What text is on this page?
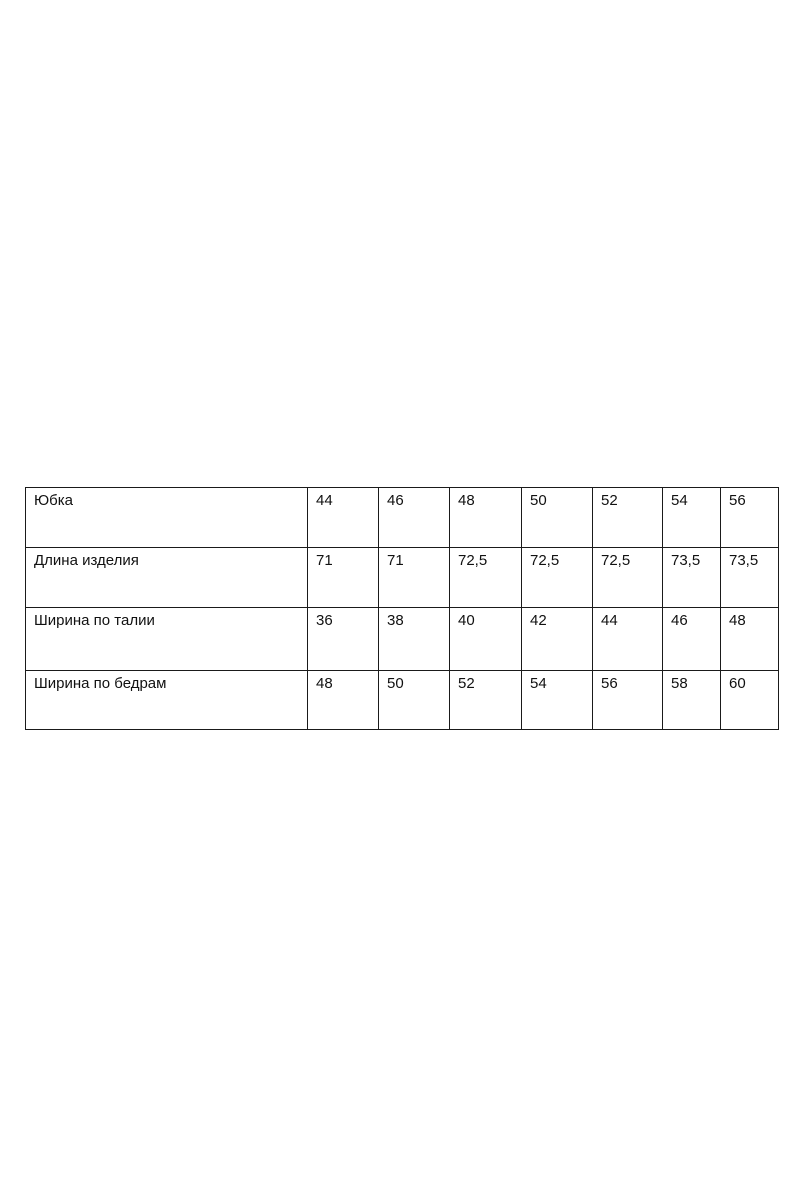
Юбка	44	46	48	50	52	54	56
Длина изделия	71	71	72,5	72,5	72,5	73,5	73,5
Ширина по талии	36	38	40	42	44	46	48
Ширина по бедрам	48	50	52	54	56	58	60
